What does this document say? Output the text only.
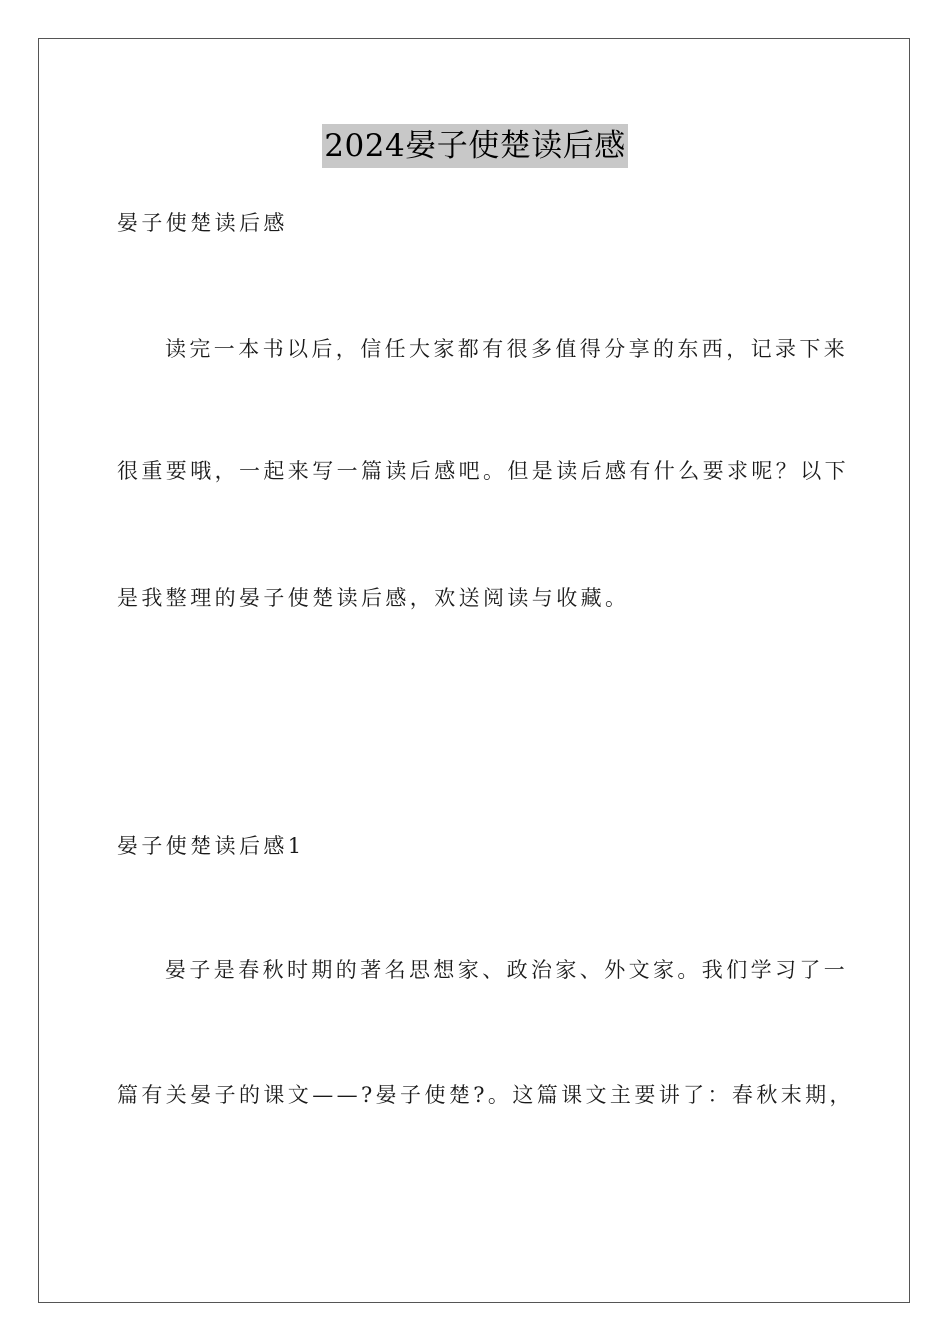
2024晏子使楚读后感
晏子使楚读后感
读完一本书以后，信任大家都有很多值得分享的东西，记录下来
很重要哦，一起来写一篇读后感吧。但是读后感有什么要求呢？以下
是我整理的晏子使楚读后感，欢送阅读与收藏。
晏子使楚读后感1
晏子是春秋时期的著名思想家、政治家、外文家。我们学习了一
篇有关晏子的课文——?晏子使楚?。这篇课文主要讲了：春秋末期，
